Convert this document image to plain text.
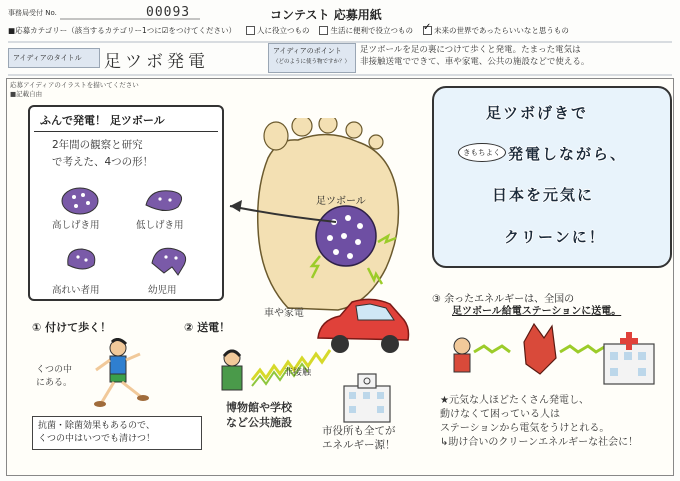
事務局受付 No.	00093	コンテスト 応募用紙
■応募カテゴリー（該当するカテゴリー1つに☑をつけてください）	人に役立つもの	生活に便利で役立つもの
✓	未来の世界であったらいいなと思うもの
アイディアのタイトル	足ツボ発電
アイディアのポイント
（どのように使う物ですか？）
足ツボールを足の裏につけて歩くと発電。たまった電気は
非接触送電でできて、車や家電、公共の施設などで使える。
応募アイディアのイラストを描いてください
■記載自由
ふんで発電！ 足ツボール
2年間の観察と研究
で考えた、4つの形！
高しげき用	低しげき用
高れい者用	幼児用
足ツボール
足ツボげきで
きもちよく 発電しながら、
日本を元気に
クリーンに！
① 付けて歩く！
くつの中
にある。
抗菌・除菌効果もあるので、
くつの中はいつでも清けつ！
② 送電！
車や家電
非接触
博物館や学校
など公共施設
市役所も全てが
エネルギー源！
③ 余ったエネルギーは、全国の
足ツボール給電ステーションに送電。
★元気な人ほどたくさん発電し、
動けなくて困っている人は
ステーションから電気をうけとれる。
↳助け合いのクリーンエネルギーな社会に！
